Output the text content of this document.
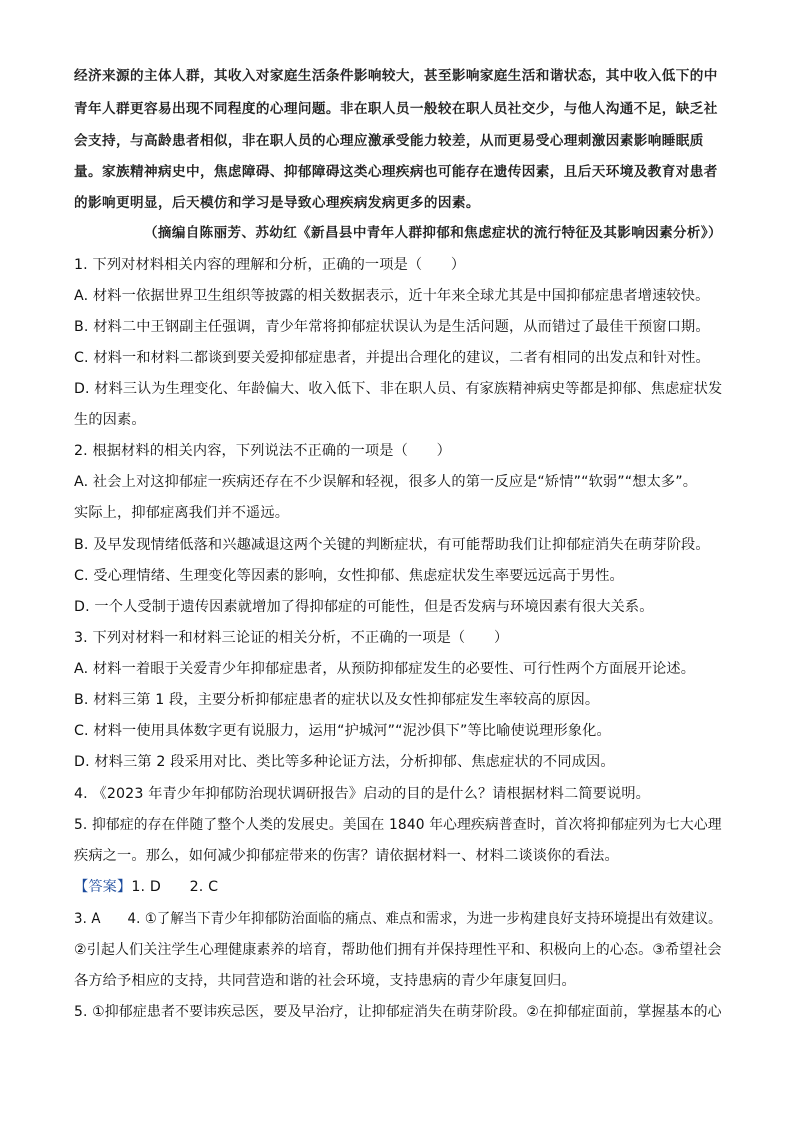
经济来源的主体人群，其收入对家庭生活条件影响较大，甚至影响家庭生活和谐状态，其中收入低下的中
青年人群更容易出现不同程度的心理问题。非在职人员一般较在职人员社交少，与他人沟通不足，缺乏社
会支持，与高龄患者相似，非在职人员的心理应激承受能力较差，从而更易受心理刺激因素影响睡眠质
量。家族精神病史中，焦虑障碍、抑郁障碍这类心理疾病也可能存在遗传因素，且后天环境及教育对患者
的影响更明显，后天模仿和学习是导致心理疾病发病更多的因素。
（摘编自陈丽芳、苏幼红《新昌县中青年人群抑郁和焦虑症状的流行特征及其影响因素分析》）
1. 下列对材料相关内容的理解和分析，正确的一项是（　　）
A. 材料一依据世界卫生组织等披露的相关数据表示，近十年来全球尤其是中国抑郁症患者增速较快。
B. 材料二中王钢副主任强调，青少年常将抑郁症状误认为是生活问题，从而错过了最佳干预窗口期。
C. 材料一和材料二都谈到要关爱抑郁症患者，并提出合理化的建议，二者有相同的出发点和针对性。
D. 材料三认为生理变化、年龄偏大、收入低下、非在职人员、有家族精神病史等都是抑郁、焦虑症状发
生的因素。
2. 根据材料的相关内容，下列说法不正确的一项是（　　）
A. 社会上对这抑郁症一疾病还存在不少误解和轻视，很多人的第一反应是“矫情”“软弱”“想太多”。
实际上，抑郁症离我们并不遥远。
B. 及早发现情绪低落和兴趣减退这两个关键的判断症状，有可能帮助我们让抑郁症消失在萌芽阶段。
C. 受心理情绪、生理变化等因素的影响，女性抑郁、焦虑症状发生率要远远高于男性。
D. 一个人受制于遗传因素就增加了得抑郁症的可能性，但是否发病与环境因素有很大关系。
3. 下列对材料一和材料三论证的相关分析，不正确的一项是（　　）
A. 材料一着眼于关爱青少年抑郁症患者，从预防抑郁症发生的必要性、可行性两个方面展开论述。
B. 材料三第 1 段，主要分析抑郁症患者的症状以及女性抑郁症发生率较高的原因。
C. 材料一使用具体数字更有说服力，运用“护城河”“泥沙俱下”等比喻使说理形象化。
D. 材料三第 2 段采用对比、类比等多种论证方法，分析抑郁、焦虑症状的不同成因。
4. 《2023 年青少年抑郁防治现状调研报告》启动的目的是什么？请根据材料二简要说明。
5. 抑郁症的存在伴随了整个人类的发展史。美国在 1840 年心理疾病普查时，首次将抑郁症列为七大心理
疾病之一。那么，如何减少抑郁症带来的伤害？请依据材料一、材料二谈谈你的看法。
【答案】1. D　　2. C
3. A　　4. ①了解当下青少年抑郁防治面临的痛点、难点和需求，为进一步构建良好支持环境提出有效建议。
②引起人们关注学生心理健康素养的培育，帮助他们拥有并保持理性平和、积极向上的心态。③希望社会
各方给予相应的支持，共同营造和谐的社会环境，支持患病的青少年康复回归。
5. ①抑郁症患者不要讳疾忌医，要及早治疗，让抑郁症消失在萌芽阶段。②在抑郁症面前，掌握基本的心
